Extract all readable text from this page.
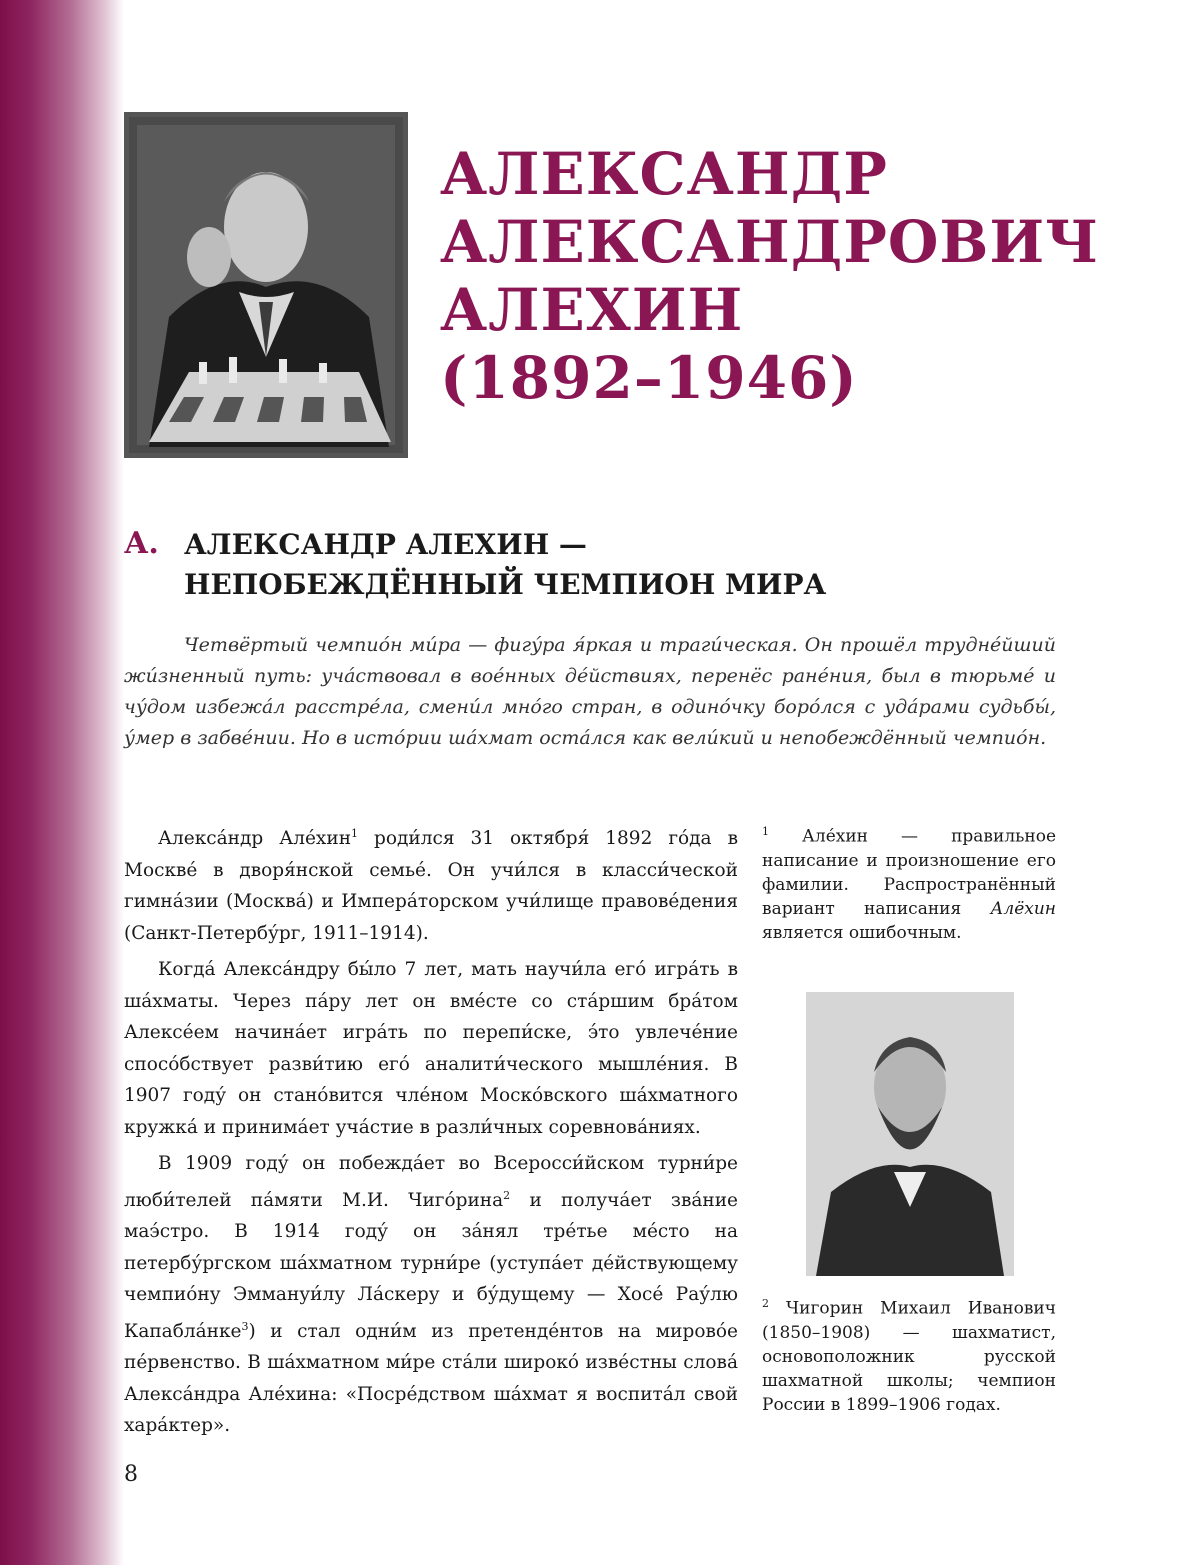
АЛЕКСАНДР
АЛЕКСАНДРОВИЧ
АЛЕХИН
(1892–1946)
А. АЛЕКСАНДР АЛЕХИН —
НЕПОБЕЖДЁННЫЙ ЧЕМПИОН МИРА

Четвёртый чемпио́н ми́ра — фигу́ра я́ркая и траги́ческая. Он прошёл трудне́йший жи́зненный путь: уча́ствовал в вое́нных де́йствиях, перенёс ране́ния, был в тюрьме́ и чу́дом избежа́л расстре́ла, смени́л мно́го стран, в одино́чку боро́лся с уда́рами судьбы́, у́мер в забве́нии. Но в исто́рии ша́хмат оста́лся как вели́кий и непобеждённый чемпио́н.

Алекса́ндр Але́хин$^1$ роди́лся 31 октября́ 1892 го́да в Москве́ в дворя́нской семье́. Он учи́лся в класси́ческой гимна́зии (Москва́) и Импера́торском учи́лище правове́дения (Санкт-Петербу́рг, 1911–1914).

Когда́ Алекса́ндру бы́ло 7 лет, мать научи́ла его́ игра́ть в ша́хматы. Через па́ру лет он вме́сте со ста́ршим бра́том Алексе́ем начина́ет игра́ть по перепи́ске, э́то увлече́ние спосо́бствует разви́тию его́ аналити́ческого мышле́ния. В 1907 году́ он стано́вится чле́ном Моско́вского ша́хматного кружка́ и принима́ет уча́стие в разли́чных соревнова́ниях.

В 1909 году́ он побежда́ет во Всеросси́йском турни́ре люби́телей па́мяти М.И. Чиго́рина$^2$ и получа́ет зва́ние маэ́стро. В 1914 году́ он за́нял тре́тье ме́сто на петербу́ргском ша́хматном турни́ре (уступа́ет де́йствующему чемпио́ну Эммануи́лу Ла́скеру и бу́дущему — Хосе́ Рау́лю Капабла́нке$^3$) и стал одни́м из претенде́нтов на мирово́е пе́рвенство. В ша́хматном ми́ре ста́ли широко́ изве́стны слова́ Алекса́ндра Але́хина: «Посре́дством ша́хмат я воспита́л свой хара́ктер».

$^1$ Але́хин — правильное написание и произношение его фамилии. Распространённый вариант написания Алёхин является ошибочным.
$^2$ Чигорин Михаил Иванович (1850–1908) — шахматист, основоположник русской шахматной школы; чемпион России в 1899–1906 годах.
8
